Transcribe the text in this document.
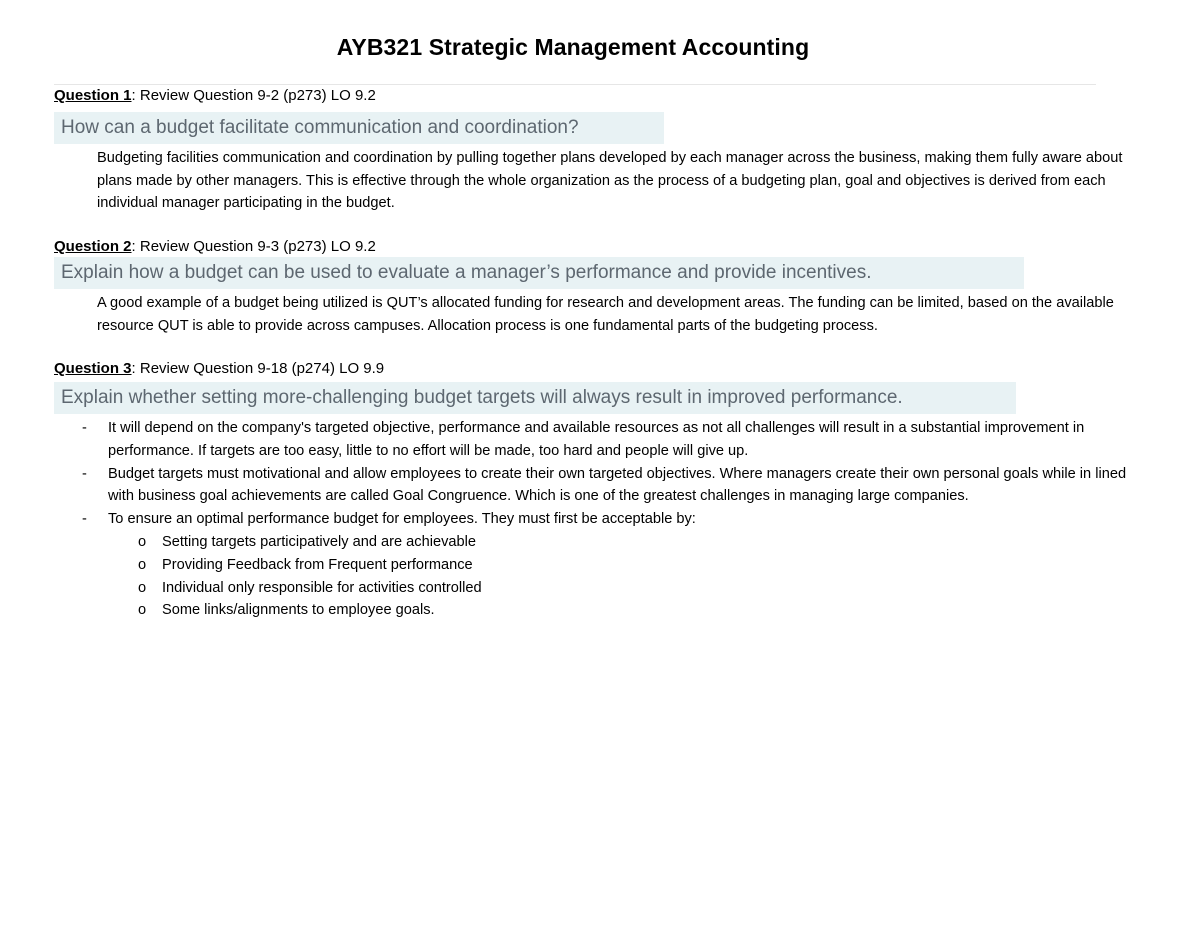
AYB321 Strategic Management Accounting
Question 1: Review Question 9-2 (p273) LO 9.2
How can a budget facilitate communication and coordination?

Budgeting facilities communication and coordination by pulling together plans developed by each manager across the business, making them fully aware about plans made by other managers. This is effective through the whole organization as the process of a budgeting plan, goal and objectives is derived from each individual manager participating in the budget.

Question 2: Review Question 9-3 (p273) LO 9.2
Explain how a budget can be used to evaluate a manager’s performance and provide incentives.

A good example of a budget being utilized is QUT’s allocated funding for research and development areas. The funding can be limited, based on the available resource QUT is able to provide across campuses. Allocation process is one fundamental parts of the budgeting process.

Question 3: Review Question 9-18 (p274) LO 9.9
Explain whether setting more-challenging budget targets will always result in improved performance.
- It will depend on the company's targeted objective, performance and available resources as not all challenges will result in a substantial improvement in performance. If targets are too easy, little to no effort will be made, too hard and people will give up.
- Budget targets must motivational and allow employees to create their own targeted objectives. Where managers create their own personal goals while in lined with business goal achievements are called Goal Congruence. Which is one of the greatest challenges in managing large companies.
- To ensure an optimal performance budget for employees. They must first be acceptable by:
o Setting targets participatively and are achievable
o Providing Feedback from Frequent performance
o Individual only responsible for activities controlled
o Some links/alignments to employee goals.
